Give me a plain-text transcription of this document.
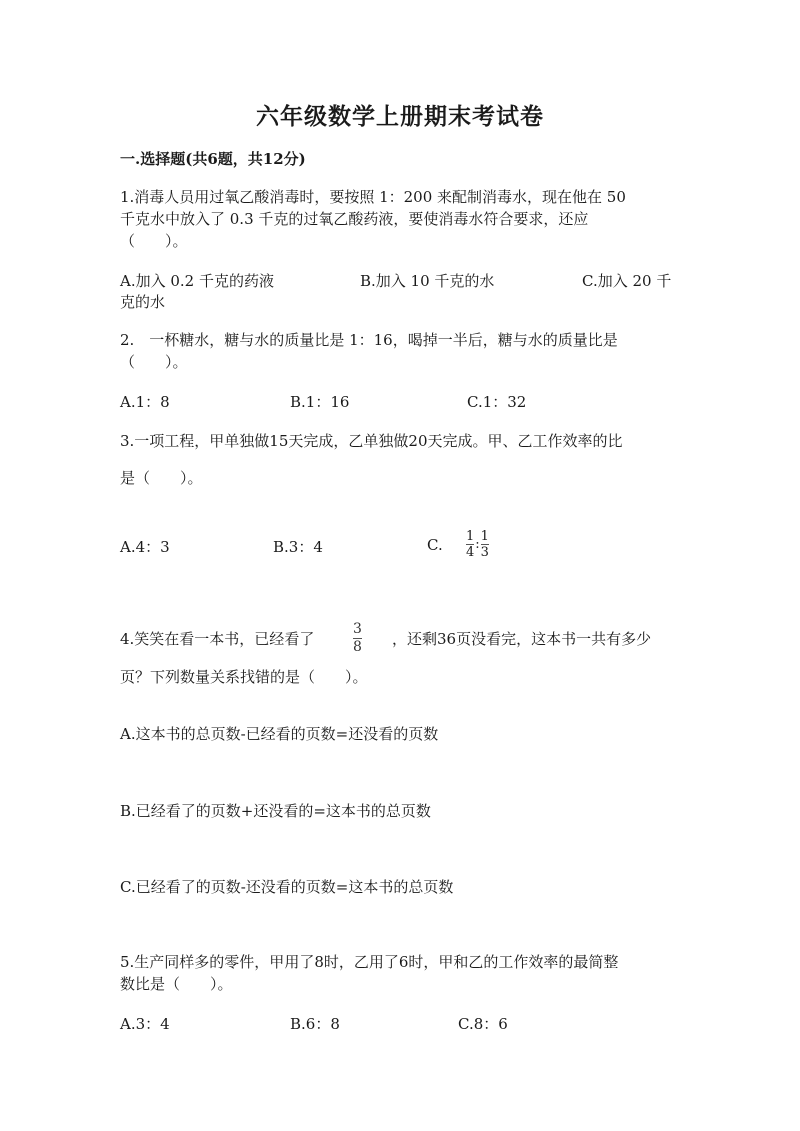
六年级数学上册期末考试卷
一.选择题(共6题，共12分)
1.消毒人员用过氧乙酸消毒时，要按照 1：200 来配制消毒水，现在他在 50
千克水中放入了 0.3 千克的过氧乙酸药液，要使消毒水符合要求，还应
（　　）。
A.加入 0.2 千克的药液	B.加入 10 千克的水	C.加入 20 千
克的水
2.　一杯糖水，糖与水的质量比是 1：16，喝掉一半后，糖与水的质量比是
（　　）。
A.1：8	B.1：16	C.1：32
3.一项工程，甲单独做15天完成，乙单独做20天完成。甲、乙工作效率的比
是（　　）。
A.4：3	B.3：4	C. $\frac{1}{4}:\frac{1}{3}$
4.笑笑在看一本书，已经看了
3
8 ，还剩36页没看完，这本书一共有多少
页？下列数量关系找错的是（　　）。
A.这本书的总页数-已经看的页数=还没看的页数
B.已经看了的页数+还没看的=这本书的总页数
C.已经看了的页数-还没看的页数=这本书的总页数
5.生产同样多的零件，甲用了8时，乙用了6时，甲和乙的工作效率的最简整
数比是（　　）。
A.3：4	B.6：8	C.8：6
